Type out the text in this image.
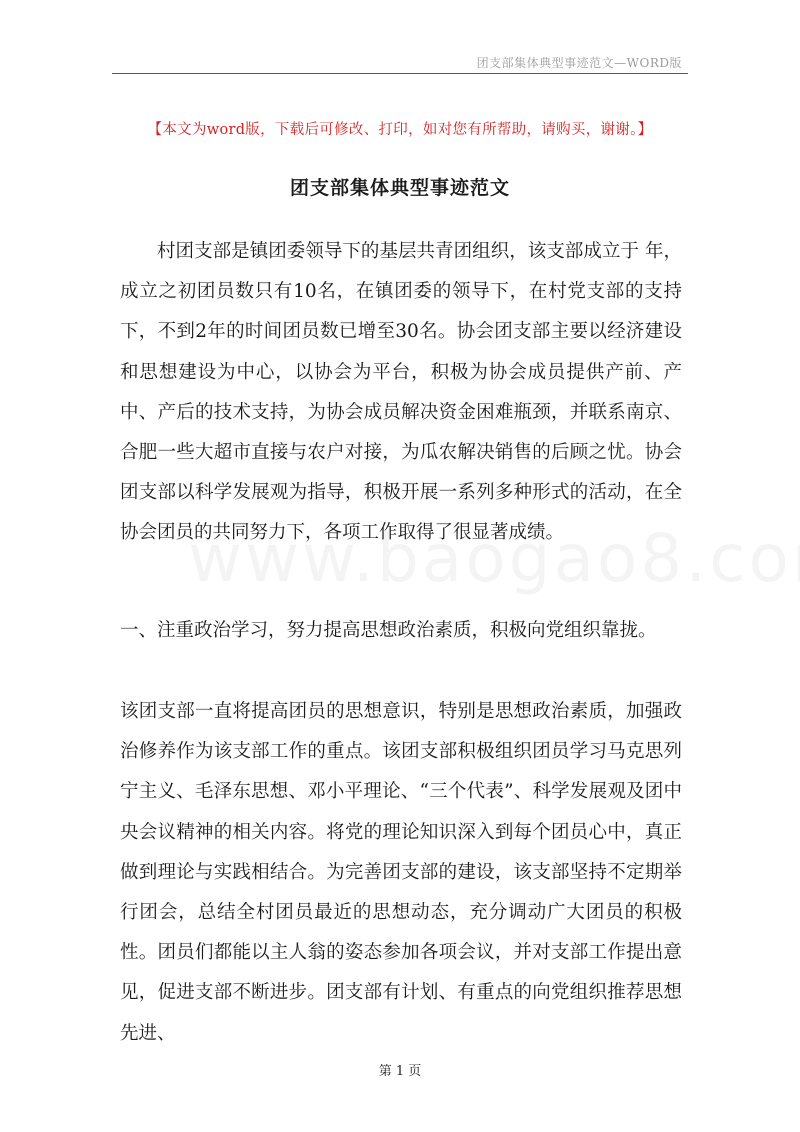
团支部集体典型事迹范文—WORD版
【本文为word版，下载后可修改、打印，如对您有所帮助，请购买，谢谢。】
团支部集体典型事迹范文

村团支部是镇团委领导下的基层共青团组织，该支部成立于 年，成立之初团员数只有10名，在镇团委的领导下，在村党支部的支持下，不到2年的时间团员数已增至30名。协会团支部主要以经济建设和思想建设为中心，以协会为平台，积极为协会成员提供产前、产中、产后的技术支持，为协会成员解决资金困难瓶颈，并联系南京、合肥一些大超市直接与农户对接，为瓜农解决销售的后顾之忧。协会团支部以科学发展观为指导，积极开展一系列多种形式的活动，在全协会团员的共同努力下，各项工作取得了很显著成绩。

一、注重政治学习，努力提高思想政治素质，积极向党组织靠拢。

该团支部一直将提高团员的思想意识，特别是思想政治素质，加强政治修养作为该支部工作的重点。该团支部积极组织团员学习马克思列宁主义、毛泽东思想、邓小平理论、“三个代表”、科学发展观及团中央会议精神的相关内容。将党的理论知识深入到每个团员心中，真正做到理论与实践相结合。为完善团支部的建设，该支部坚持不定期举行团会，总结全村团员最近的思想动态，充分调动广大团员的积极性。团员们都能以主人翁的姿态参加各项会议，并对支部工作提出意见，促进支部不断进步。团支部有计划、有重点的向党组织推荐思想先进、

第 1 页
